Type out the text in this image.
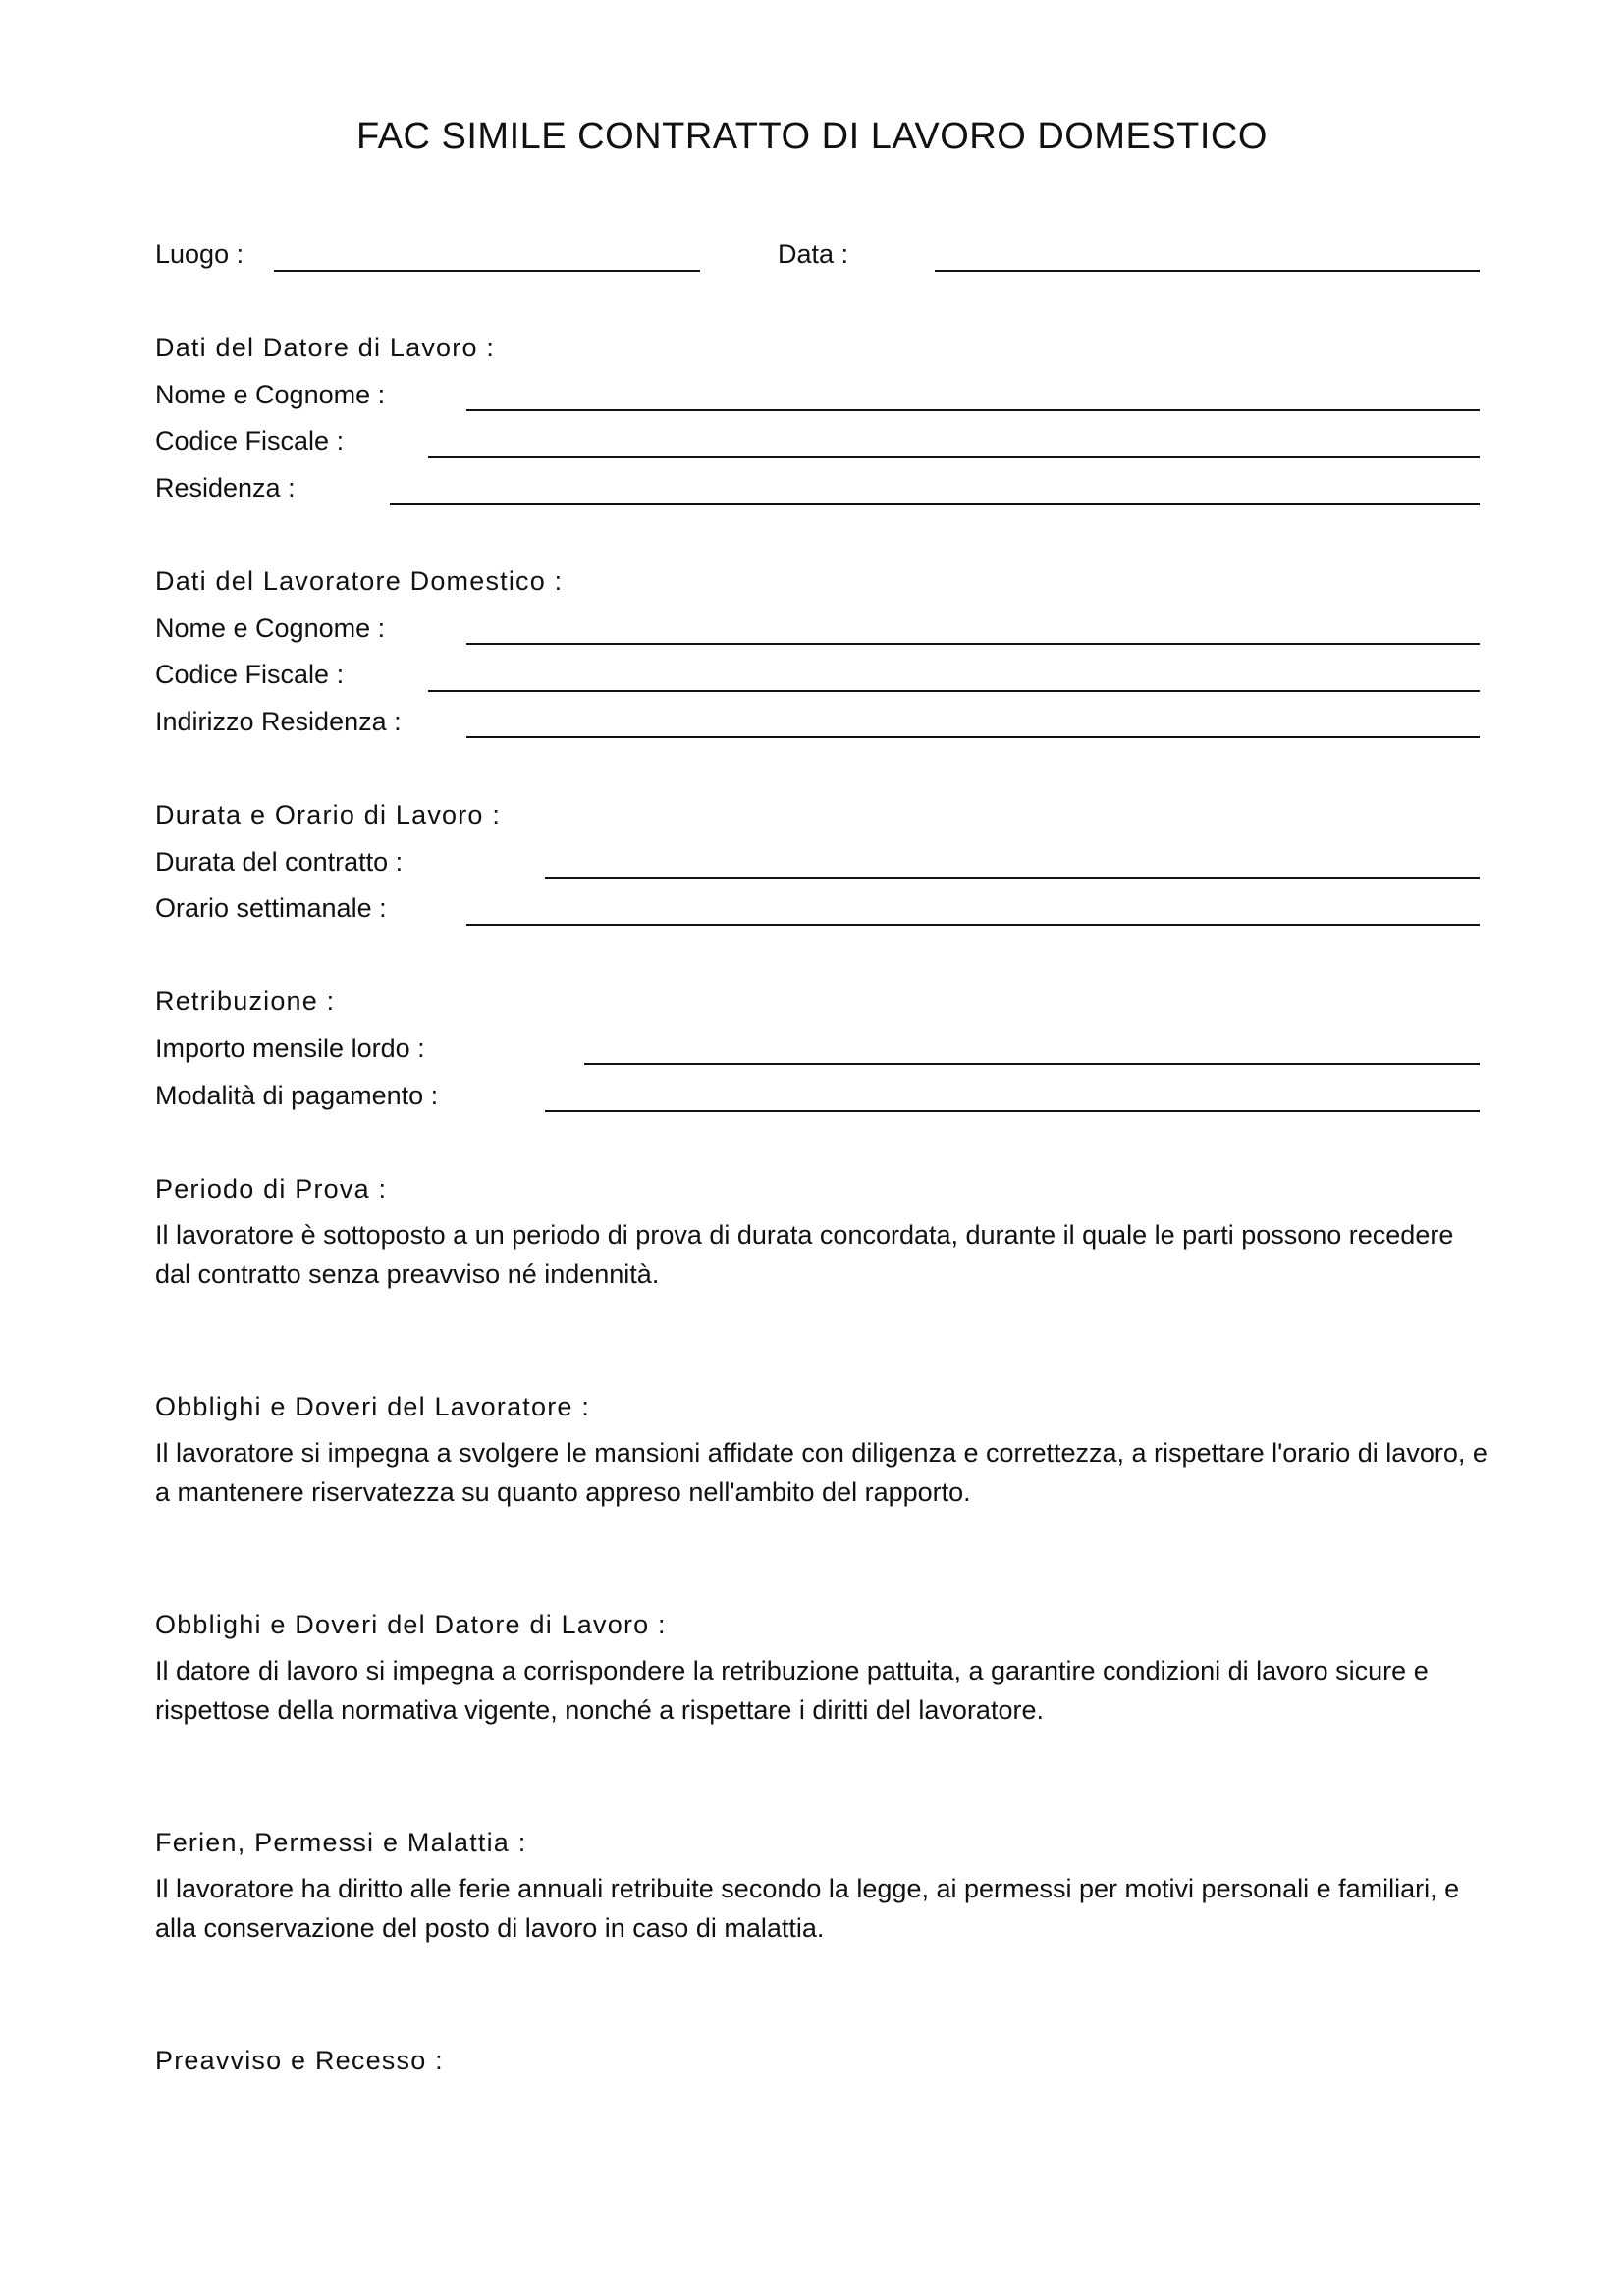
FAC SIMILE CONTRATTO DI LAVORO DOMESTICO
Luogo :	Data :
Dati del Datore di Lavoro :
Nome e Cognome :
Codice Fiscale :
Residenza :
Dati del Lavoratore Domestico :
Nome e Cognome :
Codice Fiscale :
Indirizzo Residenza :
Durata e Orario di Lavoro :
Durata del contratto :
Orario settimanale :
Retribuzione :
Importo mensile lordo :
Modalità di pagamento :
Periodo di Prova :

Il lavoratore è sottoposto a un periodo di prova di durata concordata, durante il quale le parti possono recedere dal contratto senza preavviso né indennità.

Obblighi e Doveri del Lavoratore :

Il lavoratore si impegna a svolgere le mansioni affidate con diligenza e correttezza, a rispettare l'orario di lavoro, e a mantenere riservatezza su quanto appreso nell'ambito del rapporto.

Obblighi e Doveri del Datore di Lavoro :

Il datore di lavoro si impegna a corrispondere la retribuzione pattuita, a garantire condizioni di lavoro sicure e rispettose della normativa vigente, nonché a rispettare i diritti del lavoratore.

Ferien, Permessi e Malattia :

Il lavoratore ha diritto alle ferie annuali retribuite secondo la legge, ai permessi per motivi personali e familiari, e alla conservazione del posto di lavoro in caso di malattia.

Preavviso e Recesso :
